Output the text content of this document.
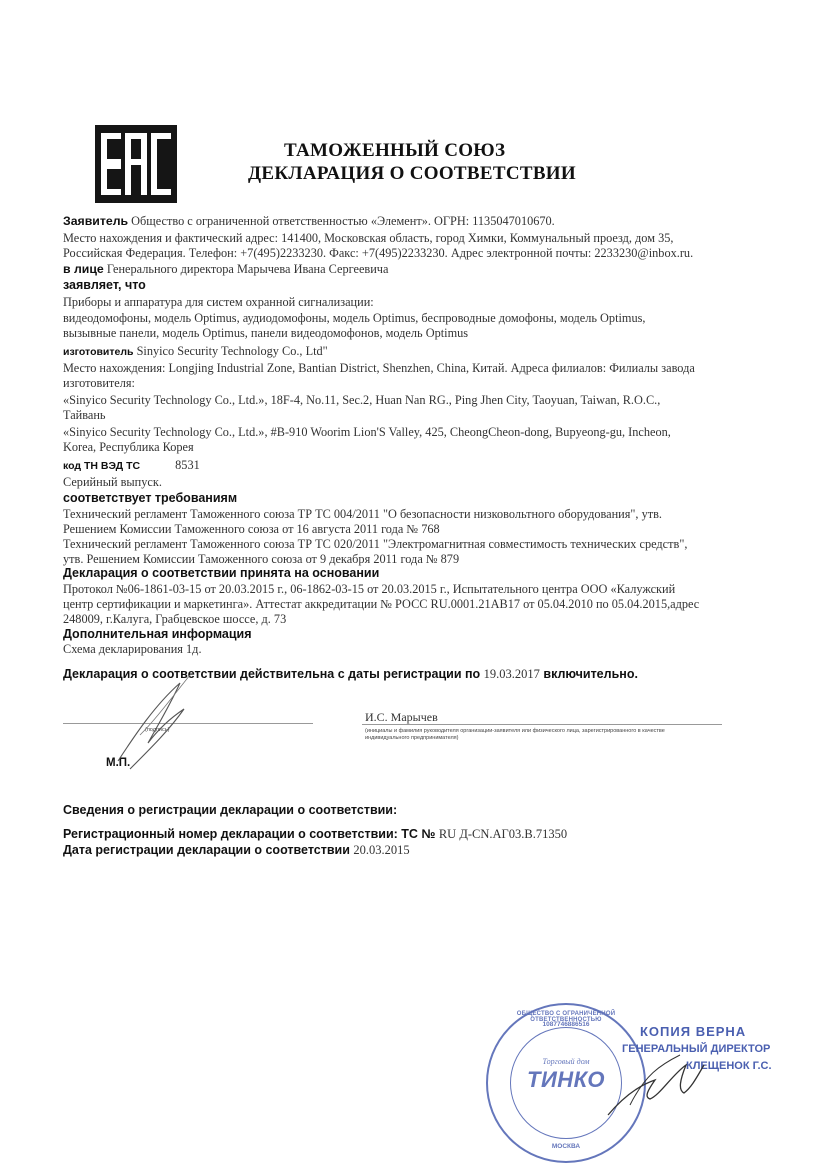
ТАМОЖЕННЫЙ СОЮЗ
ДЕКЛАРАЦИЯ О СООТВЕТСТВИИ
Заявитель Общество с ограниченной ответственностью «Элемент». ОГРН: 1135047010670.
Место нахождения и фактический адрес: 141400, Московская область, город Химки, Коммунальный проезд, дом 35,
Российская Федерация. Телефон: +7(495)2233230. Факс: +7(495)2233230. Адрес электронной почты: 2233230@inbox.ru.
в лице Генерального директора Марычева Ивана Сергеевича
заявляет, что
Приборы и аппаратура для систем охранной сигнализации:
видеодомофоны, модель Optimus, аудиодомофоны, модель Optimus, беспроводные домофоны, модель Optimus,
вызывные панели, модель Optimus, панели видеодомофонов, модель Optimus
изготовитель Sinyico Security Technology Co., Ltd"
Место нахождения: Longjing Industrial Zone, Bantian District, Shenzhen, China, Китай. Адреса филиалов: Филиалы завода
изготовителя:
«Sinyico Security Technology Co., Ltd.», 18F-4, No.11, Sec.2, Huan Nan RG., Ping Jhen City, Taoyuan, Taiwan, R.O.C.,
Тайвань
«Sinyico Security Technology Co., Ltd.», #B-910 Woorim Lion'S Valley, 425, CheongCheon-dong, Bupyeong-gu, Incheon,
Korea, Республика Корея
код ТН ВЭД ТС	8531
Серийный выпуск.
соответствует требованиям
Технический регламент Таможенного союза ТР ТС 004/2011 "О безопасности низковольтного оборудования", утв.
Решением Комиссии Таможенного союза от 16 августа 2011 года № 768
Технический регламент Таможенного союза ТР ТС 020/2011 "Электромагнитная совместимость технических средств",
утв. Решением Комиссии Таможенного союза от 9 декабря 2011 года № 879
Декларация о соответствии принята на основании
Протокол №06-1861-03-15 от 20.03.2015 г., 06-1862-03-15 от 20.03.2015 г., Испытательного центра ООО «Калужский
центр сертификации и маркетинга». Аттестат аккредитации № РОСС RU.0001.21АВ17 от 05.04.2010 по 05.04.2015,адрес
248009, г.Калуга, Грабцевское шоссе, д. 73
Дополнительная информация
Схема декларирования 1д.
Декларация о соответствии действительна с даты регистрации по 19.03.2017 включительно.
(подпись)
И.С. Марычев
(инициалы и фамилия руководителя организации-заявителя или физического лица, зарегистрированного в качестве
индивидуального предпринимателя)
М.П.
Сведения о регистрации декларации о соответствии:
Регистрационный номер декларации о соответствии: ТС № RU Д-CN.АГ03.В.71350
Дата регистрации декларации о соответствии 20.03.2015
ОБЩЕСТВО С ОГРАНИЧЕННОЙ ОТВЕТСТВЕННОСТЬЮ
1087746886516
Торговый дом
ТИНКО
МОСКВА
КОПИЯ ВЕРНА
ГЕНЕРАЛЬНЫЙ ДИРЕКТОР
КЛЕЩЕНОК Г.С.
